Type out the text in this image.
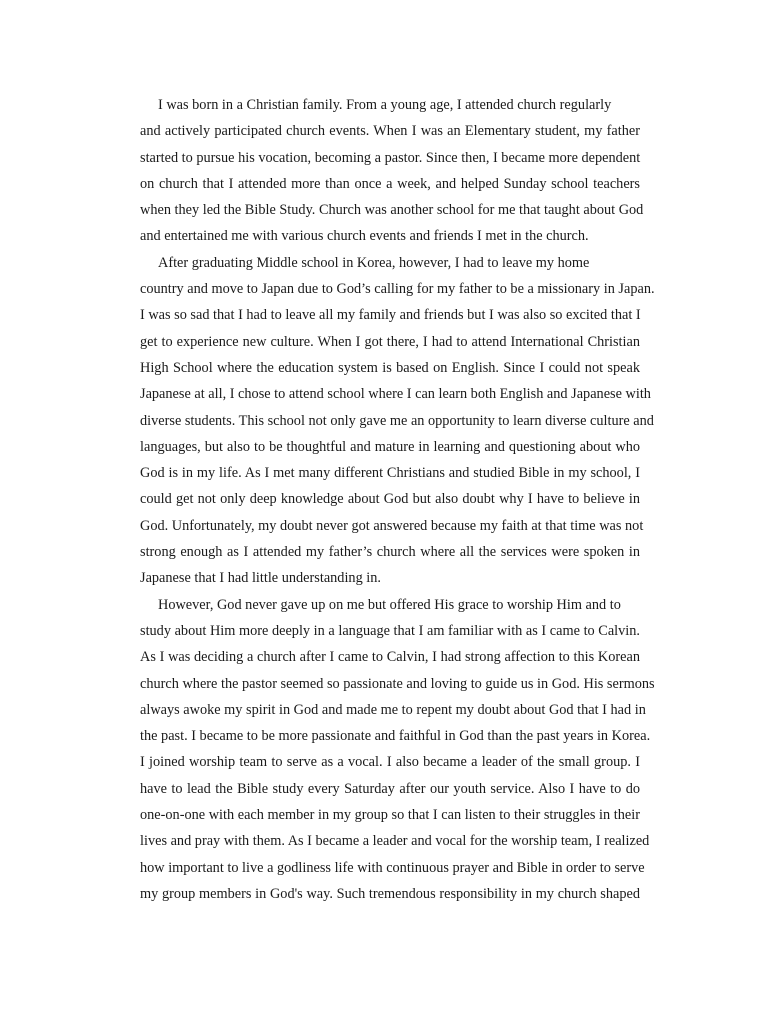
I was born in a Christian family. From a young age, I attended church regularly
and actively participated church events. When I was an Elementary student, my father
started to pursue his vocation, becoming a pastor. Since then, I became more dependent
on church that I attended more than once a week, and helped Sunday school teachers
when they led the Bible Study. Church was another school for me that taught about God
and entertained me with various church events and friends I met in the church.
After graduating Middle school in Korea, however, I had to leave my home
country and move to Japan due to God’s calling for my father to be a missionary in Japan.
I was so sad that I had to leave all my family and friends but I was also so excited that I
get to experience new culture. When I got there, I had to attend International Christian
High School where the education system is based on English. Since I could not speak
Japanese at all, I chose to attend school where I can learn both English and Japanese with
diverse students. This school not only gave me an opportunity to learn diverse culture and
languages, but also to be thoughtful and mature in learning and questioning about who
God is in my life. As I met many different Christians and studied Bible in my school, I
could get not only deep knowledge about God but also doubt why I have to believe in
God. Unfortunately, my doubt never got answered because my faith at that time was not
strong enough as I attended my father’s church where all the services were spoken in
Japanese that I had little understanding in.
However, God never gave up on me but offered His grace to worship Him and to
study about Him more deeply in a language that I am familiar with as I came to Calvin.
As I was deciding a church after I came to Calvin, I had strong affection to this Korean
church where the pastor seemed so passionate and loving to guide us in God. His sermons
always awoke my spirit in God and made me to repent my doubt about God that I had in
the past. I became to be more passionate and faithful in God than the past years in Korea.
I joined worship team to serve as a vocal. I also became a leader of the small group. I
have to lead the Bible study every Saturday after our youth service. Also I have to do
one-on-one with each member in my group so that I can listen to their struggles in their
lives and pray with them. As I became a leader and vocal for the worship team, I realized
how important to live a godliness life with continuous prayer and Bible in order to serve
my group members in God's way. Such tremendous responsibility in my church shaped
